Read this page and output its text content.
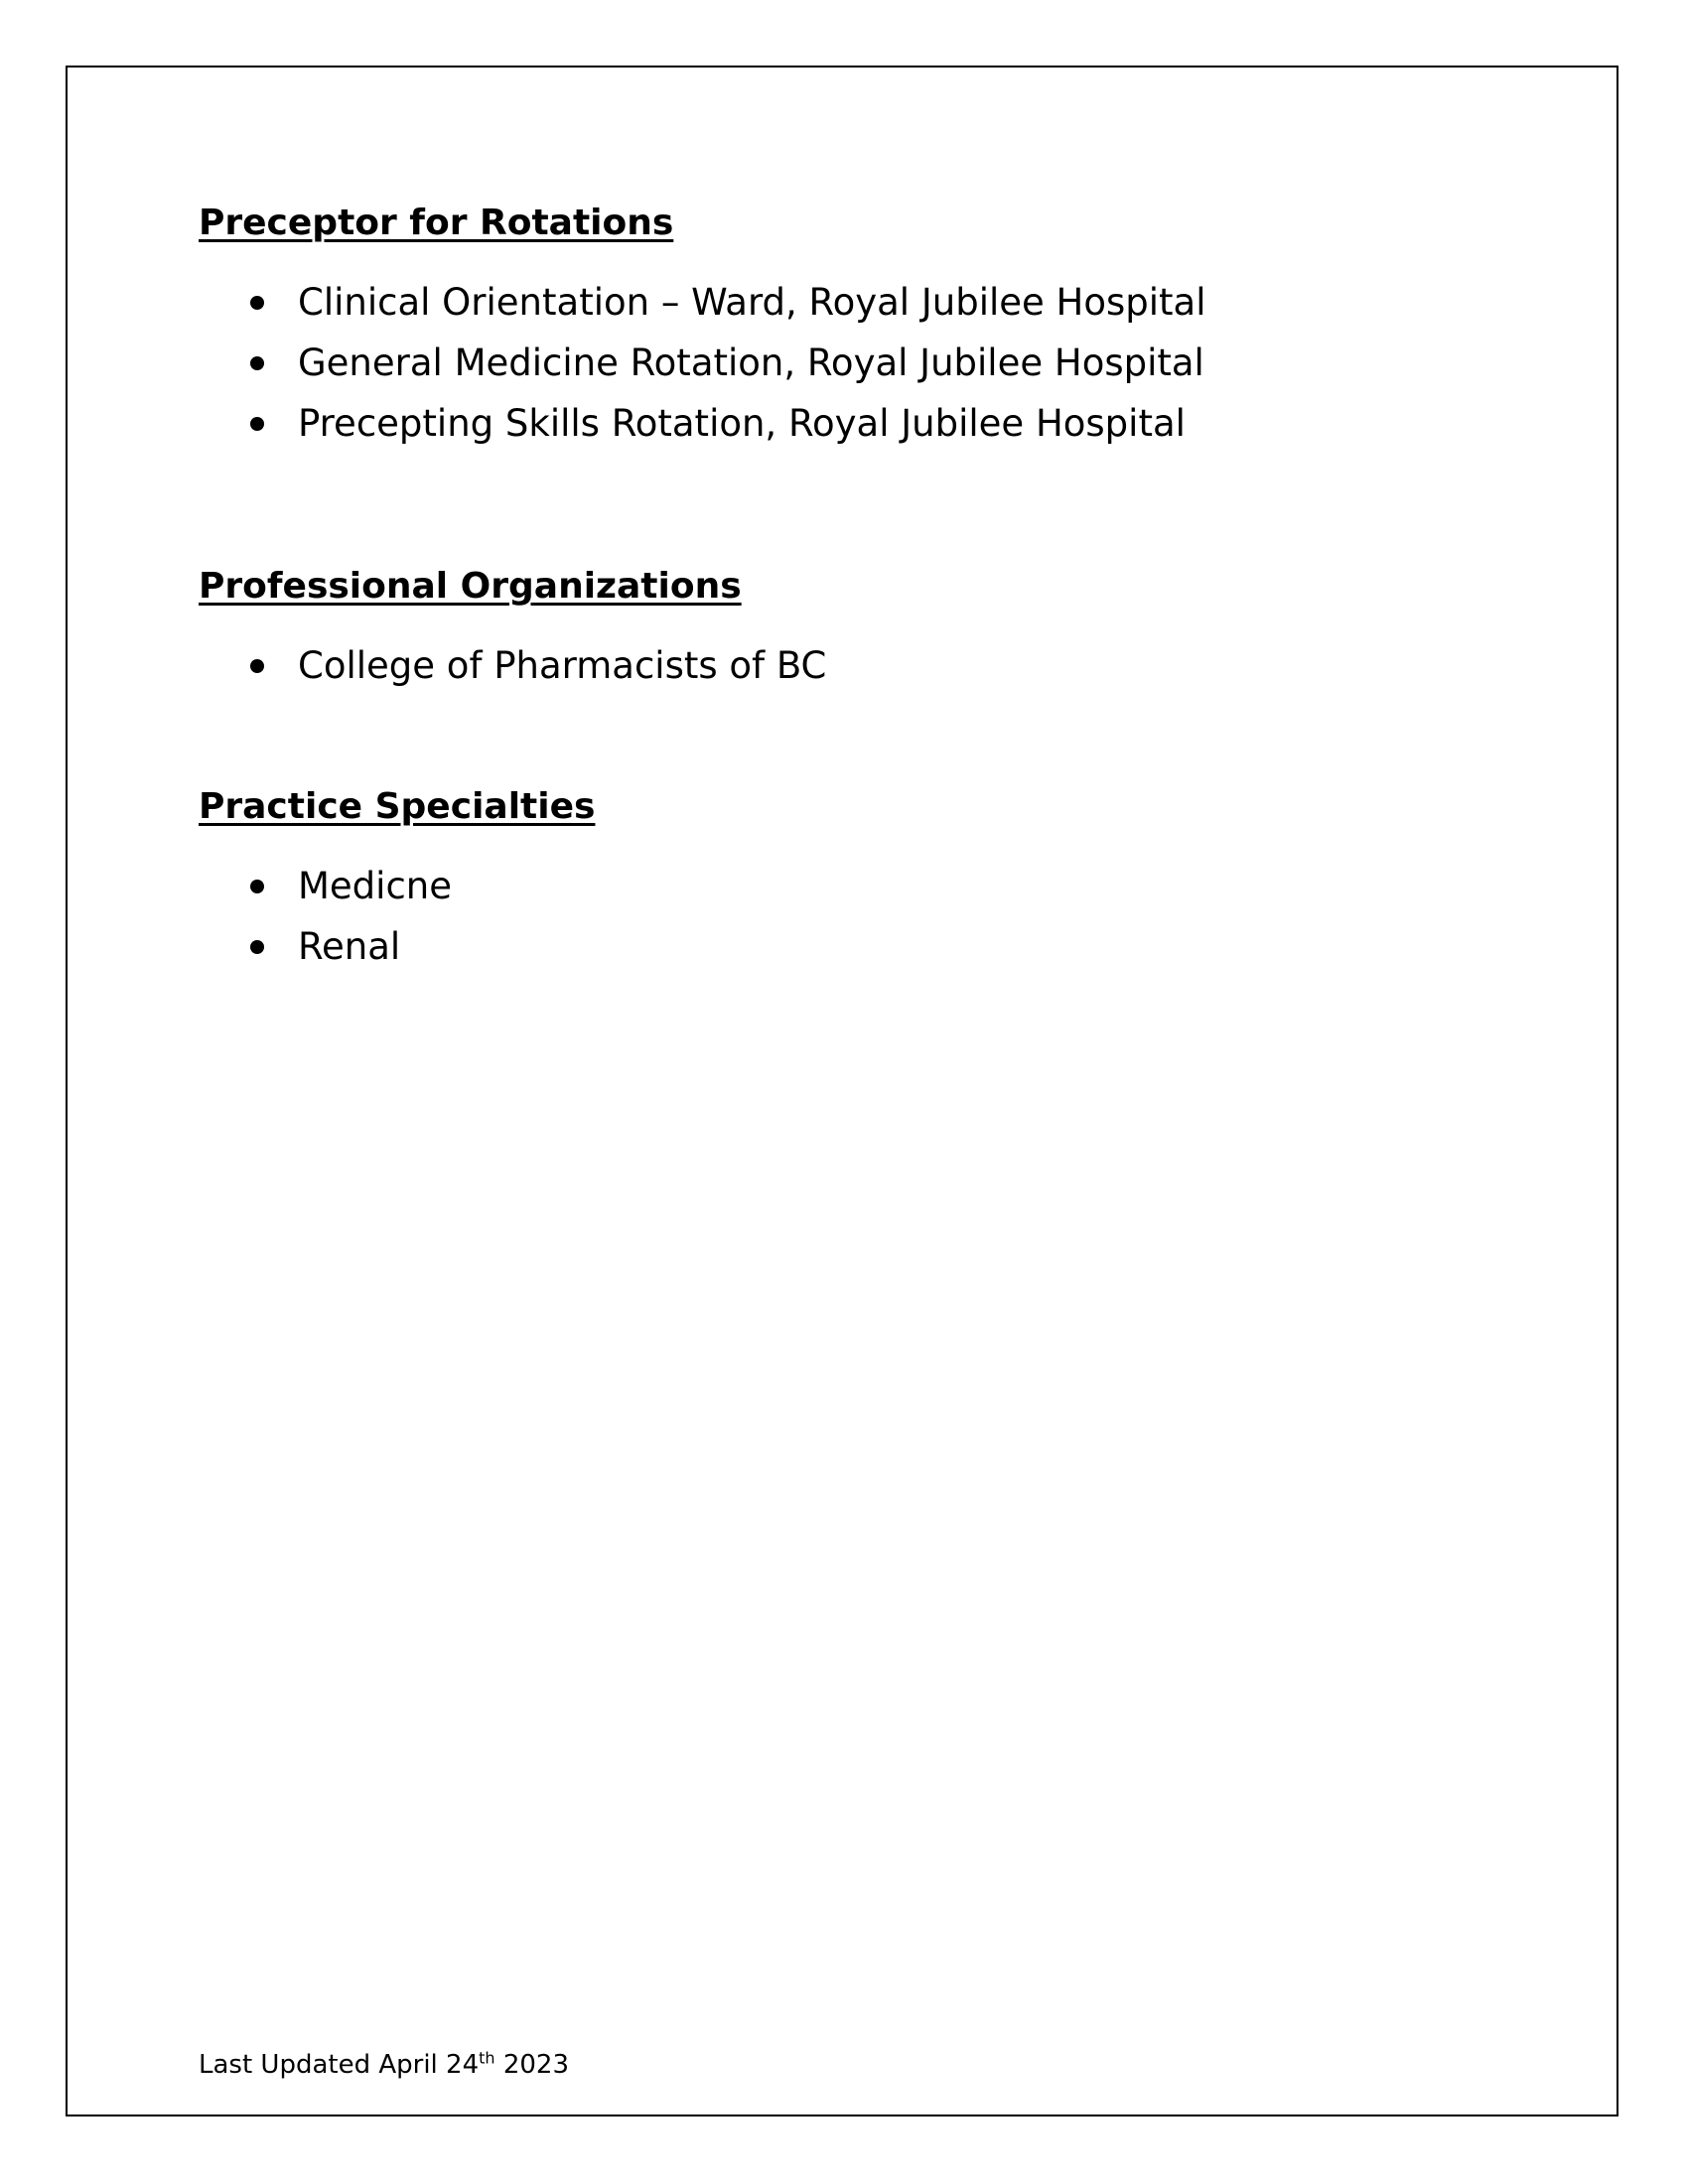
Preceptor for Rotations
Clinical Orientation – Ward, Royal Jubilee Hospital
General Medicine Rotation, Royal Jubilee Hospital
Precepting Skills Rotation, Royal Jubilee Hospital
Professional Organizations
College of Pharmacists of BC
Practice Specialties
Medicne
Renal
Last Updated April 24th 2023
